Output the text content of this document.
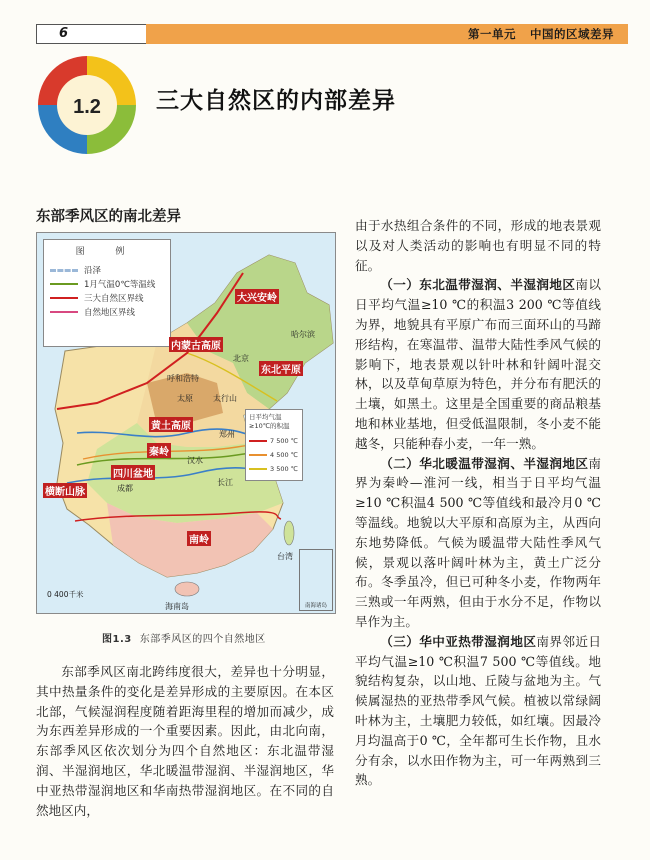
6	第一单元 中国的区域差异
1.2 三大自然区的内部差异
东部季风区的南北差异
图 例
沿泽
1月气温0℃等温线
三大自然区界线
自然地区界线
日平均气温≥10℃的积温
7 500 ℃
4 500 ℃
3 500 ℃
大兴安岭
哈尔滨
东北平原
呼和浩特
太原	太行山
黄土高原
郑州
秦岭
汉水
四川盆地
成都
长江
横断山脉
南岭
海南岛
台湾
北京
内蒙古高原
0 400千米
南海诸岛
图1.3 东部季风区的四个自然地区

东部季风区南北跨纬度很大，差异也十分明显，其中热量条件的变化是差异形成的主要原因。在本区北部，气候湿润程度随着距海里程的增加而减少，成为东西差异形成的一个重要因素。因此，由北向南，东部季风区依次划分为四个自然地区：东北温带湿润、半湿润地区，华北暖温带湿润、半湿润地区，华中亚热带湿润地区和华南热带湿润地区。在不同的自然地区内，

由于水热组合条件的不同，形成的地表景观以及对人类活动的影响也有明显不同的特征。

（一）东北温带湿润、半湿润地区南以日平均气温≥10 ℃的积温3 200 ℃等值线为界，地貌具有平原广布而三面环山的马蹄形结构，在寒温带、温带大陆性季风气候的影响下，地表景观以针叶林和针阔叶混交林，以及草甸草原为特色，并分布有肥沃的土壤，如黑土。这里是全国重要的商品粮基地和林业基地，但受低温限制，冬小麦不能越冬，只能种春小麦，一年一熟。

（二）华北暖温带湿润、半湿润地区南界为秦岭—淮河一线，相当于日平均气温≥10 ℃积温4 500 ℃等值线和最冷月0 ℃等温线。地貌以大平原和高原为主，从西向东地势降低。气候为暖温带大陆性季风气候，景观以落叶阔叶林为主，黄土广泛分布。冬季虽冷，但已可种冬小麦，作物两年三熟或一年两熟，但由于水分不足，作物以旱作为主。

（三）华中亚热带湿润地区南界邻近日平均气温≥10 ℃积温7 500 ℃等值线。地貌结构复杂，以山地、丘陵与盆地为主。气候属湿热的亚热带季风气候。植被以常绿阔叶林为主，土壤肥力较低，如红壤。因最冷月均温高于0 ℃，全年都可生长作物，且水分有余，以水田作物为主，可一年两熟到三熟。
